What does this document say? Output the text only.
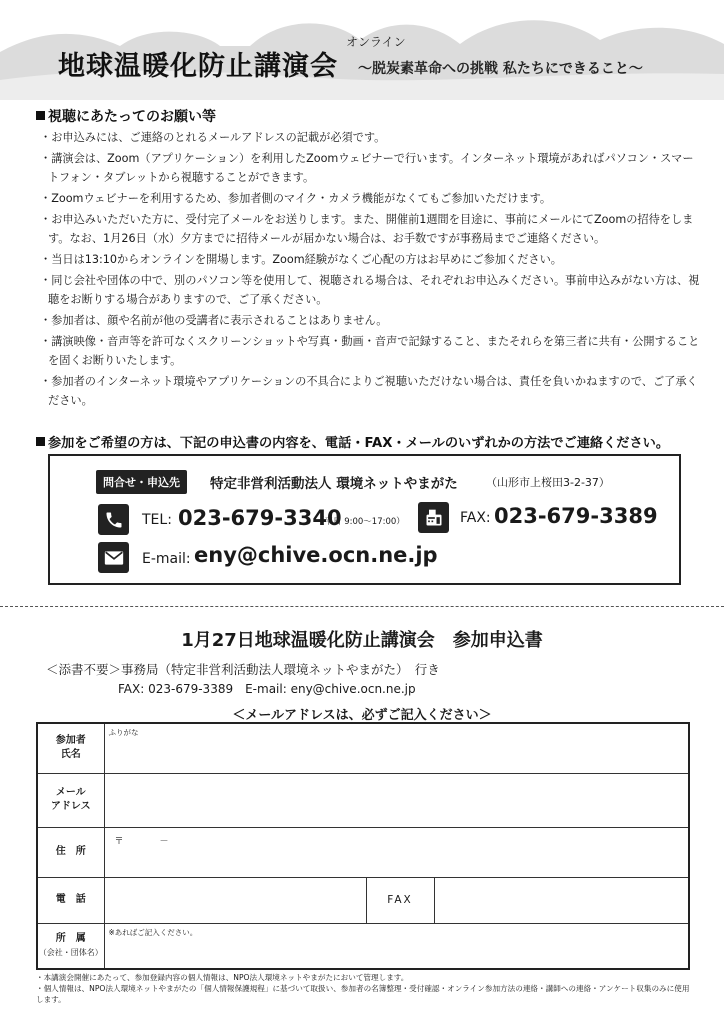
オンライン
地球温暖化防止講演会 〜脱炭素革命への挑戦 私たちにできること〜
視聴にあたってのお願い等
・お申込みには、ご連絡のとれるメールアドレスの記載が必須です。
・講演会は、Zoom（アプリケーション）を利用したZoomウェビナーで行います。インターネット環境があればパソコン・スマートフォン・タブレットから視聴することができます。
・Zoomウェビナーを利用するため、参加者側のマイク・カメラ機能がなくてもご参加いただけます。
・お申込みいただいた方に、受付完了メールをお送りします。また、開催前1週間を目途に、事前にメールにてZoomの招待をします。なお、1月26日（水）夕方までに招待メールが届かない場合は、お手数ですが事務局までご連絡ください。
・当日は13:10からオンラインを開場します。Zoom経験がなくご心配の方はお早めにご参加ください。
・同じ会社や団体の中で、別のパソコン等を使用して、視聴される場合は、それぞれお申込みください。事前申込みがない方は、視聴をお断りする場合がありますので、ご了承ください。
・参加者は、顔や名前が他の受講者に表示されることはありません。
・講演映像・音声等を許可なくスクリーンショットや写真・動画・音声で記録すること、またそれらを第三者に共有・公開することを固くお断りいたします。
・参加者のインターネット環境やアプリケーションの不具合によりご視聴いただけない場合は、責任を負いかねますので、ご了承ください。
参加をご希望の方は、下記の申込書の内容を、電話・FAX・メールのいずれかの方法でご連絡ください。
問合せ・申込先	特定非営利活動法人 環境ネットやまがた	（山形市上桜田3-2-37）
TEL: 023-679-3340
（平日 9:00〜17:00）	FAX: 023-679-3389
E-mail: eny@chive.ocn.ne.jp
1月27日地球温暖化防止講演会　参加申込書
＜添書不要＞事務局（特定非営利活動法人環境ネットやまがた）　行き
FAX: 023-679-3389　E-mail: eny@chive.ocn.ne.jp
＜メールアドレスは、必ずご記入ください＞
参加者
氏名	ふりがな		

メール
アドレス			
住　所	〒　　　　－		

電　話		FAX	
所　属
（会社・団体名）	※あればご記入ください。		
・本講演会開催にあたって、参加登録内容の個人情報は、NPO法人環境ネットやまがたにおいて管理します。
・個人情報は、NPO法人環境ネットやまがたの「個人情報保護規程」に基づいて取扱い、参加者の名簿整理・受付確認・オンライン参加方法の連絡・講師への連絡・アンケート収集のみに使用します。
